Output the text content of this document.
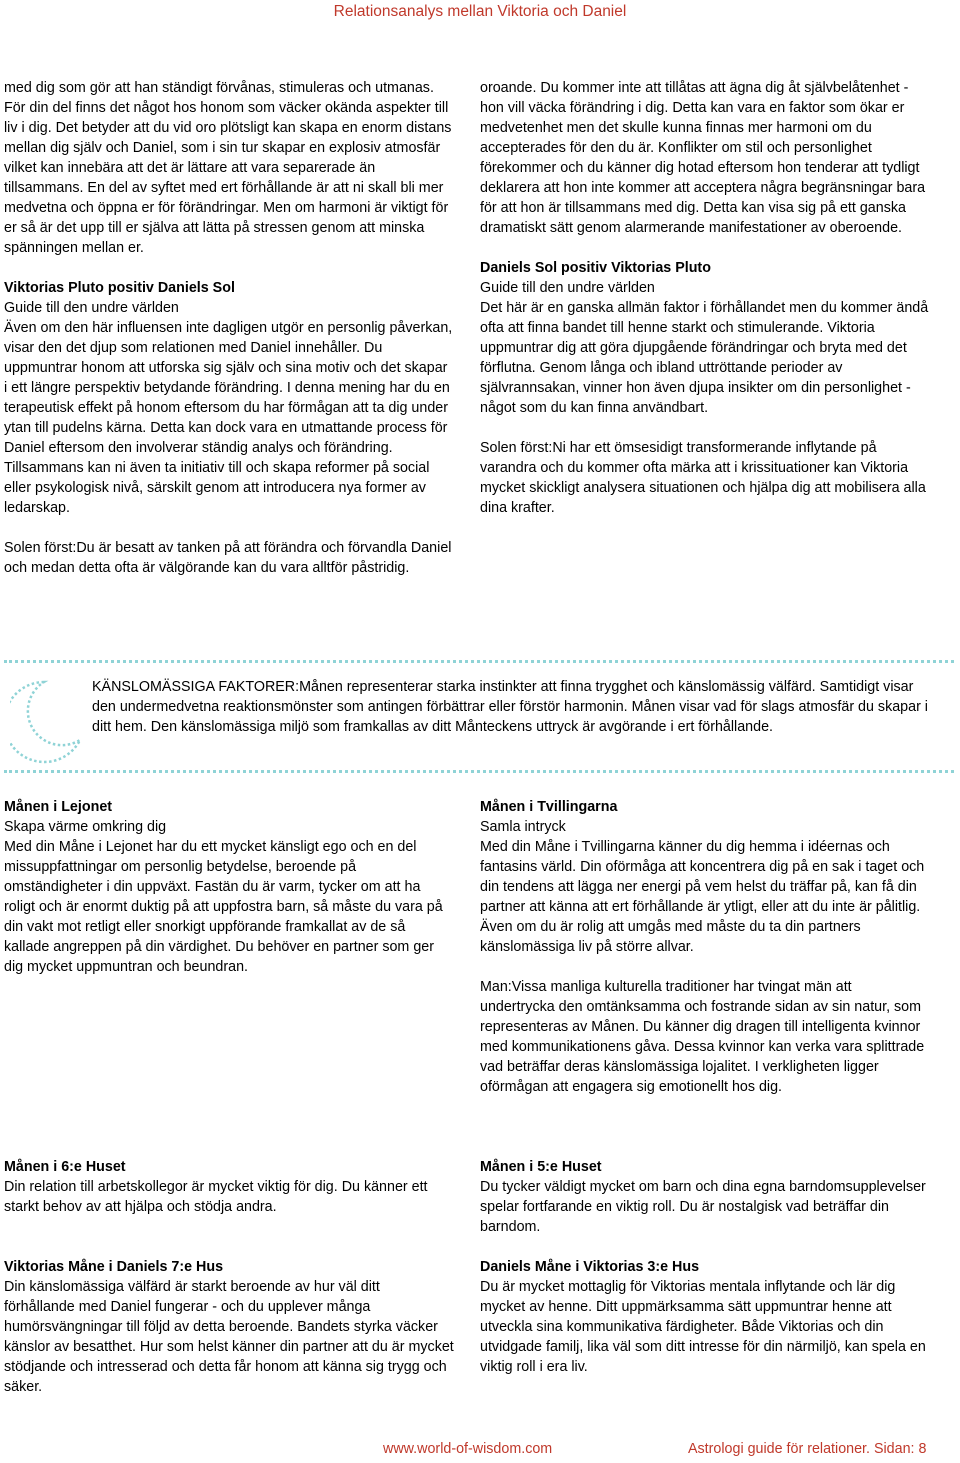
Relationsanalys mellan Viktoria och Daniel

med dig som gör att han ständigt förvånas, stimuleras och utmanas. För din del finns det något hos honom som väcker okända aspekter till liv i dig. Det betyder att du vid oro plötsligt kan skapa en enorm distans mellan dig själv och Daniel, som i sin tur skapar en explosiv atmosfär vilket kan innebära att det är lättare att vara separerade än tillsammans. En del av syftet med ert förhållande är att ni skall bli mer medvetna och öppna er för förändringar. Men om harmoni är viktigt för er så är det upp till er själva att lätta på stressen genom att minska spänningen mellan er.

Viktorias Pluto positiv Daniels Sol
Guide till den undre världen
Även om den här influensen inte dagligen utgör en personlig påverkan, visar den det djup som relationen med Daniel innehåller. Du uppmuntrar honom att utforska sig själv och sina motiv och det skapar i ett längre perspektiv betydande förändring. I denna mening har du en terapeutisk effekt på honom eftersom du har förmågan att ta dig under ytan till pudelns kärna. Detta kan dock vara en utmattande process för Daniel eftersom den involverar ständig analys och förändring. Tillsammans kan ni även ta initiativ till och skapa reformer på social eller psykologisk nivå, särskilt genom att introducera nya former av ledarskap.

Solen först:Du är besatt av tanken på att förändra och förvandla Daniel och medan detta ofta är välgörande kan du vara alltför påstridig.

oroande. Du kommer inte att tillåtas att ägna dig åt självbelåtenhet - hon vill väcka förändring i dig. Detta kan vara en faktor som ökar er medvetenhet men det skulle kunna finnas mer harmoni om du accepterades för den du är. Konflikter om stil och personlighet förekommer och du känner dig hotad eftersom hon tenderar att tydligt deklarera att hon inte kommer att acceptera några begränsningar bara för att hon är tillsammans med dig. Detta kan visa sig på ett ganska dramatiskt sätt genom alarmerande manifestationer av oberoende.

Daniels Sol positiv Viktorias Pluto
Guide till den undre världen
Det här är en ganska allmän faktor i förhållandet men du kommer ändå ofta att finna bandet till henne starkt och stimulerande. Viktoria uppmuntrar dig att göra djupgående förändringar och bryta med det förflutna. Genom långa och ibland uttröttande perioder av självrannsakan, vinner hon även djupa insikter om din personlighet - något som du kan finna användbart.

Solen först:Ni har ett ömsesidigt transformerande inflytande på varandra och du kommer ofta märka att i krissituationer kan Viktoria mycket skickligt analysera situationen och hjälpa dig att mobilisera alla dina krafter.

KÄNSLOMÄSSIGA FAKTORER:Månen representerar starka instinkter att finna trygghet och känslomässig välfärd. Samtidigt visar den undermedvetna reaktionsmönster som antingen förbättrar eller förstör harmonin. Månen visar vad för slags atmosfär du skapar i ditt hem. Den känslomässiga miljö som framkallas av ditt Månteckens uttryck är avgörande i ert förhållande.
Månen i Lejonet
Skapa värme omkring dig
Med din Måne i Lejonet har du ett mycket känsligt ego och en del missuppfattningar om personlig betydelse, beroende på omständigheter i din uppväxt. Fastän du är varm, tycker om att ha roligt och är enormt duktig på att uppfostra barn, så måste du vara på din vakt mot retligt eller snorkigt uppförande framkallat av de så kallade angreppen på din värdighet. Du behöver en partner som ger dig mycket uppmuntran och beundran.
Månen i 6:e Huset
Din relation till arbetskollegor är mycket viktig för dig. Du känner ett starkt behov av att hjälpa och stödja andra.
Viktorias Måne i Daniels 7:e Hus
Din känslomässiga välfärd är starkt beroende av hur väl ditt förhållande med Daniel fungerar - och du upplever många humörsvängningar till följd av detta beroende. Bandets styrka väcker känslor av besatthet. Hur som helst känner din partner att du är mycket stödjande och intresserad och detta får honom att känna sig trygg och säker.

Månen i Tvillingarna
Samla intryck
Med din Måne i Tvillingarna känner du dig hemma i idéernas och fantasins värld. Din oförmåga att koncentrera dig på en sak i taget och din tendens att lägga ner energi på vem helst du träffar på, kan få din partner att känna att ert förhållande är ytligt, eller att du inte är pålitlig. Även om du är rolig att umgås med måste du ta din partners känslomässiga liv på större allvar.

Man:Vissa manliga kulturella traditioner har tvingat män att undertrycka den omtänksamma och fostrande sidan av sin natur, som representeras av Månen. Du känner dig dragen till intelligenta kvinnor med kommunikationens gåva. Dessa kvinnor kan verka vara splittrade vad beträffar deras känslomässiga lojalitet. I verkligheten ligger oförmågan att engagera sig emotionellt hos dig.

Månen i 5:e Huset
Du tycker väldigt mycket om barn och dina egna barndomsupplevelser spelar fortfarande en viktig roll. Du är nostalgisk vad beträffar din barndom.
Daniels Måne i Viktorias 3:e Hus
Du är mycket mottaglig för Viktorias mentala inflytande och lär dig mycket av henne. Ditt uppmärksamma sätt uppmuntrar henne att utveckla sina kommunikativa färdigheter. Både Viktorias och din utvidgade familj, lika väl som ditt intresse för din närmiljö, kan spela en viktig roll i era liv.
www.world-of-wisdom.com	Astrologi guide för relationer. Sidan: 8
